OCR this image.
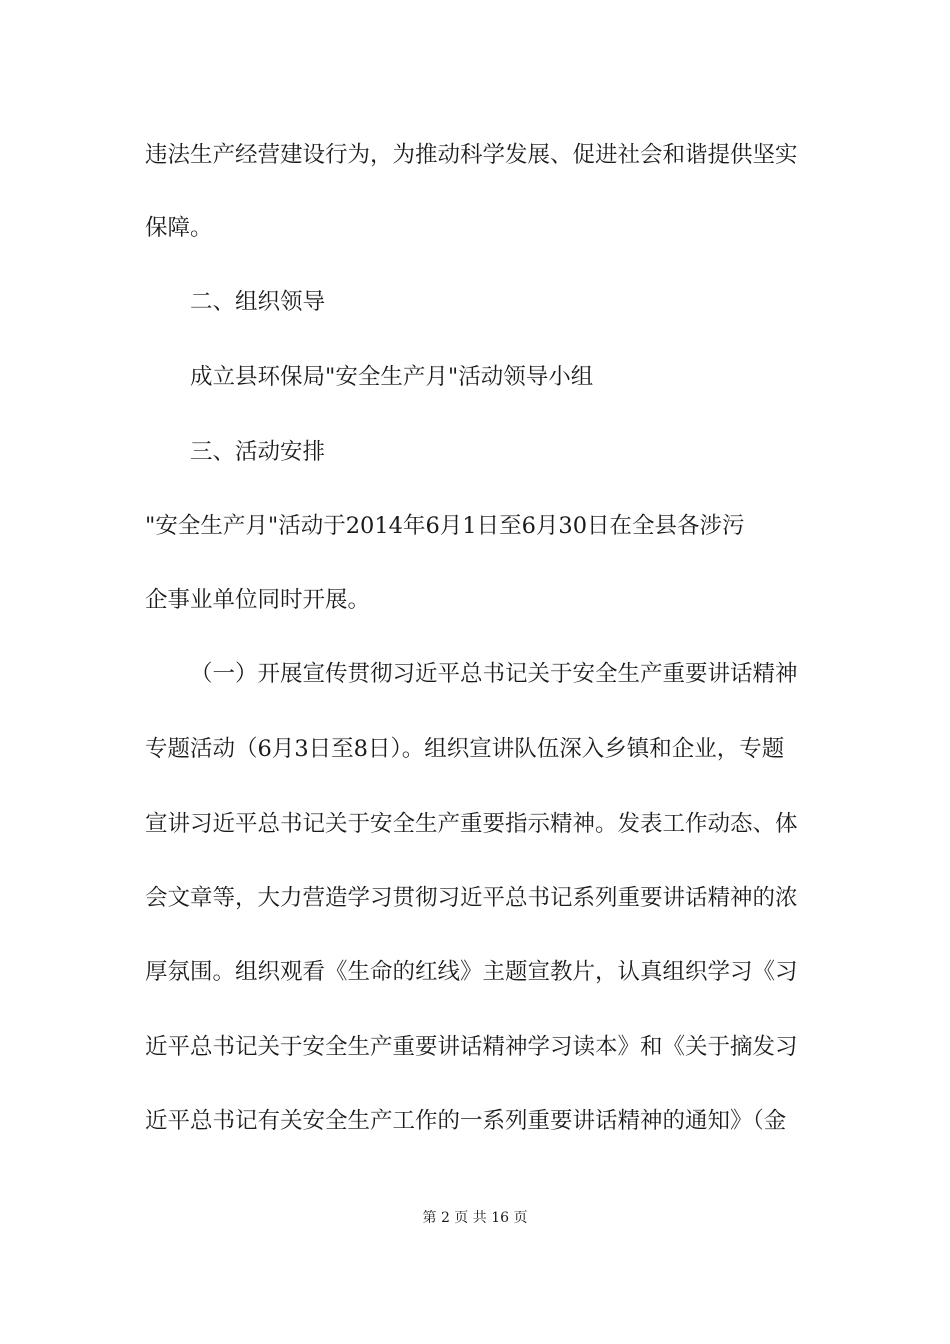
违法生产经营建设行为，为推动科学发展、促进社会和谐提供坚实
保障。
二、组织领导
成立县环保局"安全生产月"活动领导小组
三、活动安排
"安全生产月"活动于2014年6月1日至6月30日在全县各涉污
企事业单位同时开展。
（一）开展宣传贯彻习近平总书记关于安全生产重要讲话精神
专题活动（6月3日至8日）。组织宣讲队伍深入乡镇和企业，专题
宣讲习近平总书记关于安全生产重要指示精神。发表工作动态、体
会文章等，大力营造学习贯彻习近平总书记系列重要讲话精神的浓
厚氛围。组织观看《生命的红线》主题宣教片，认真组织学习《习
近平总书记关于安全生产重要讲话精神学习读本》和《关于摘发习
近平总书记有关安全生产工作的一系列重要讲话精神的通知》（金
第 2 页 共 16 页
